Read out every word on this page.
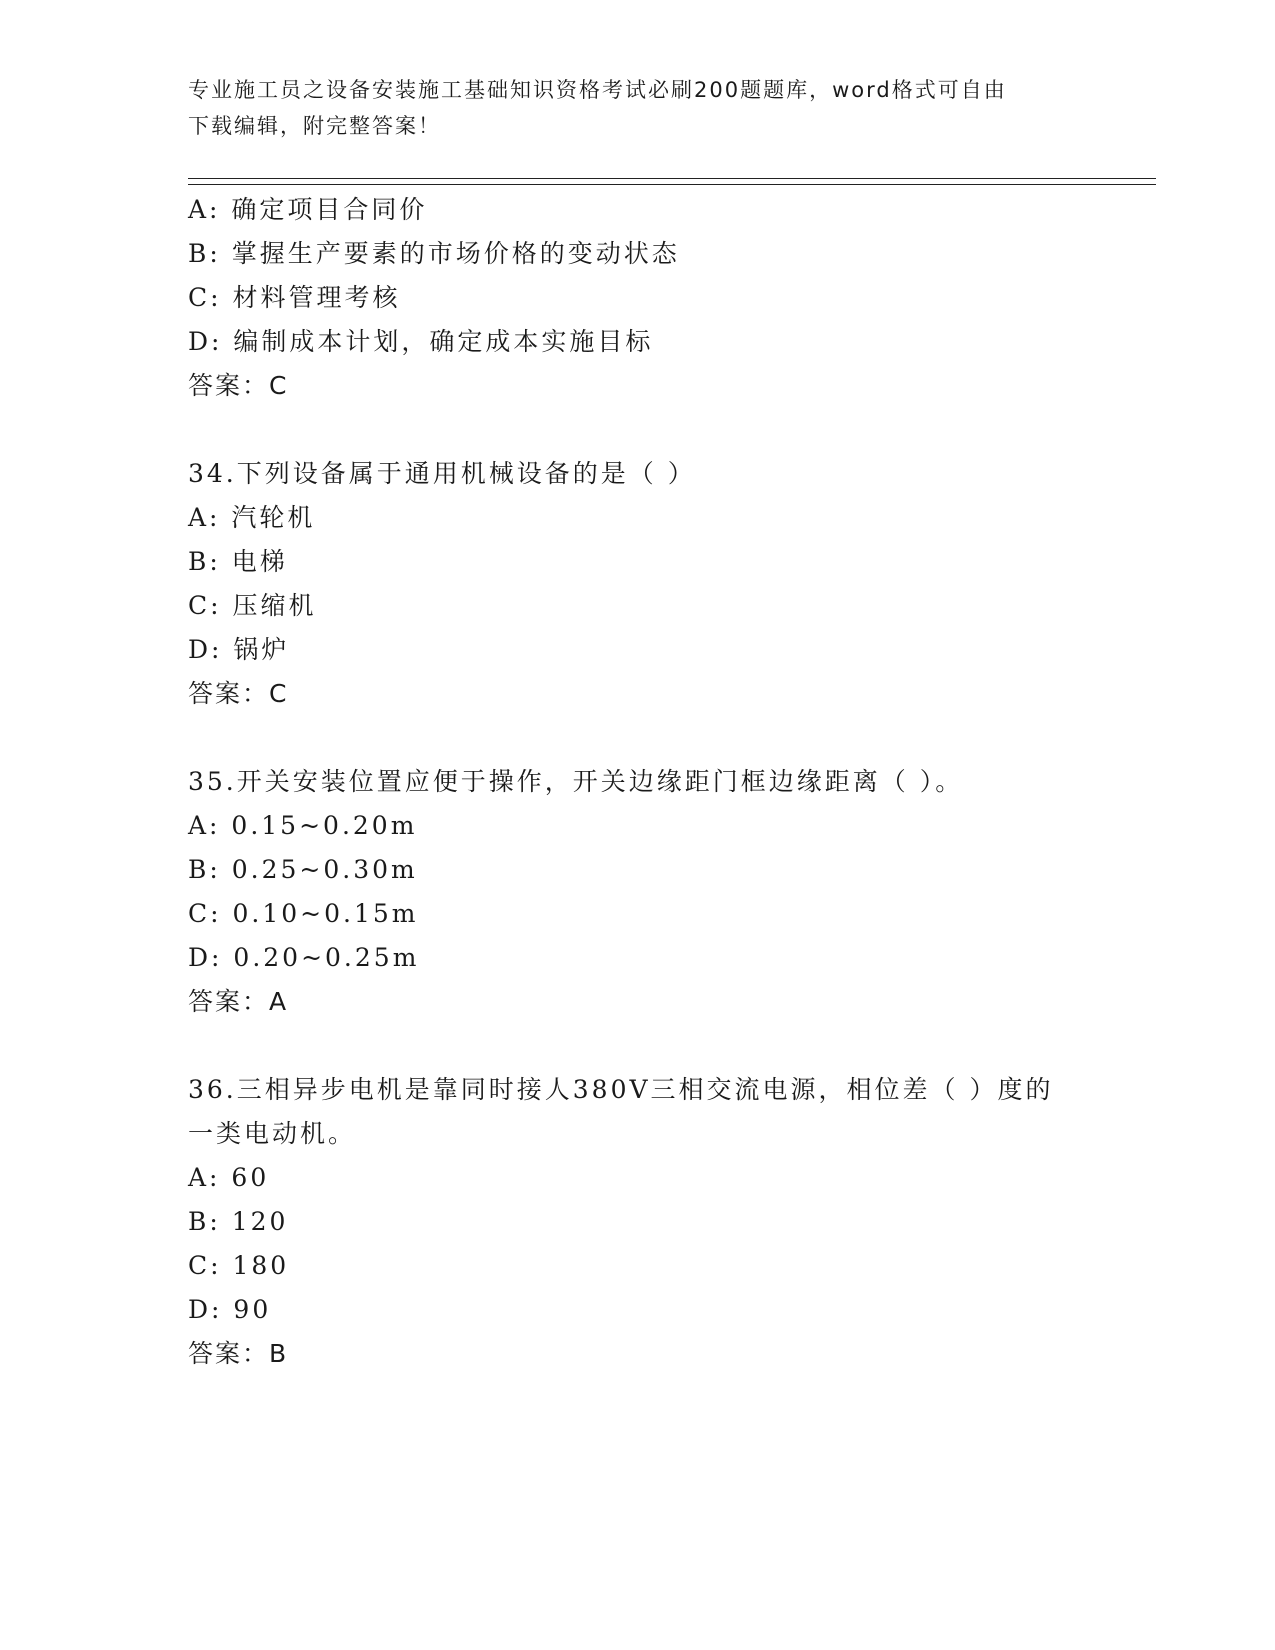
专业施工员之设备安装施工基础知识资格考试必刷200题题库，word格式可自由
下载编辑，附完整答案！

A: 确定项目合同价

B: 掌握生产要素的市场价格的变动状态

C: 材料管理考核

D: 编制成本计划，确定成本实施目标

答案：C

34.下列设备属于通用机械设备的是（ ）

A: 汽轮机

B: 电梯

C: 压缩机

D: 锅炉

答案：C

35.开关安装位置应便于操作，开关边缘距门框边缘距离（ ）。

A: 0.15~0.20m

B: 0.25~0.30m

C: 0.10~0.15m

D: 0.20~0.25m

答案：A

36.三相异步电机是靠同时接人380V三相交流电源，相位差（ ）度的

一类电动机。

A: 60

B: 120

C: 180

D: 90

答案：B
